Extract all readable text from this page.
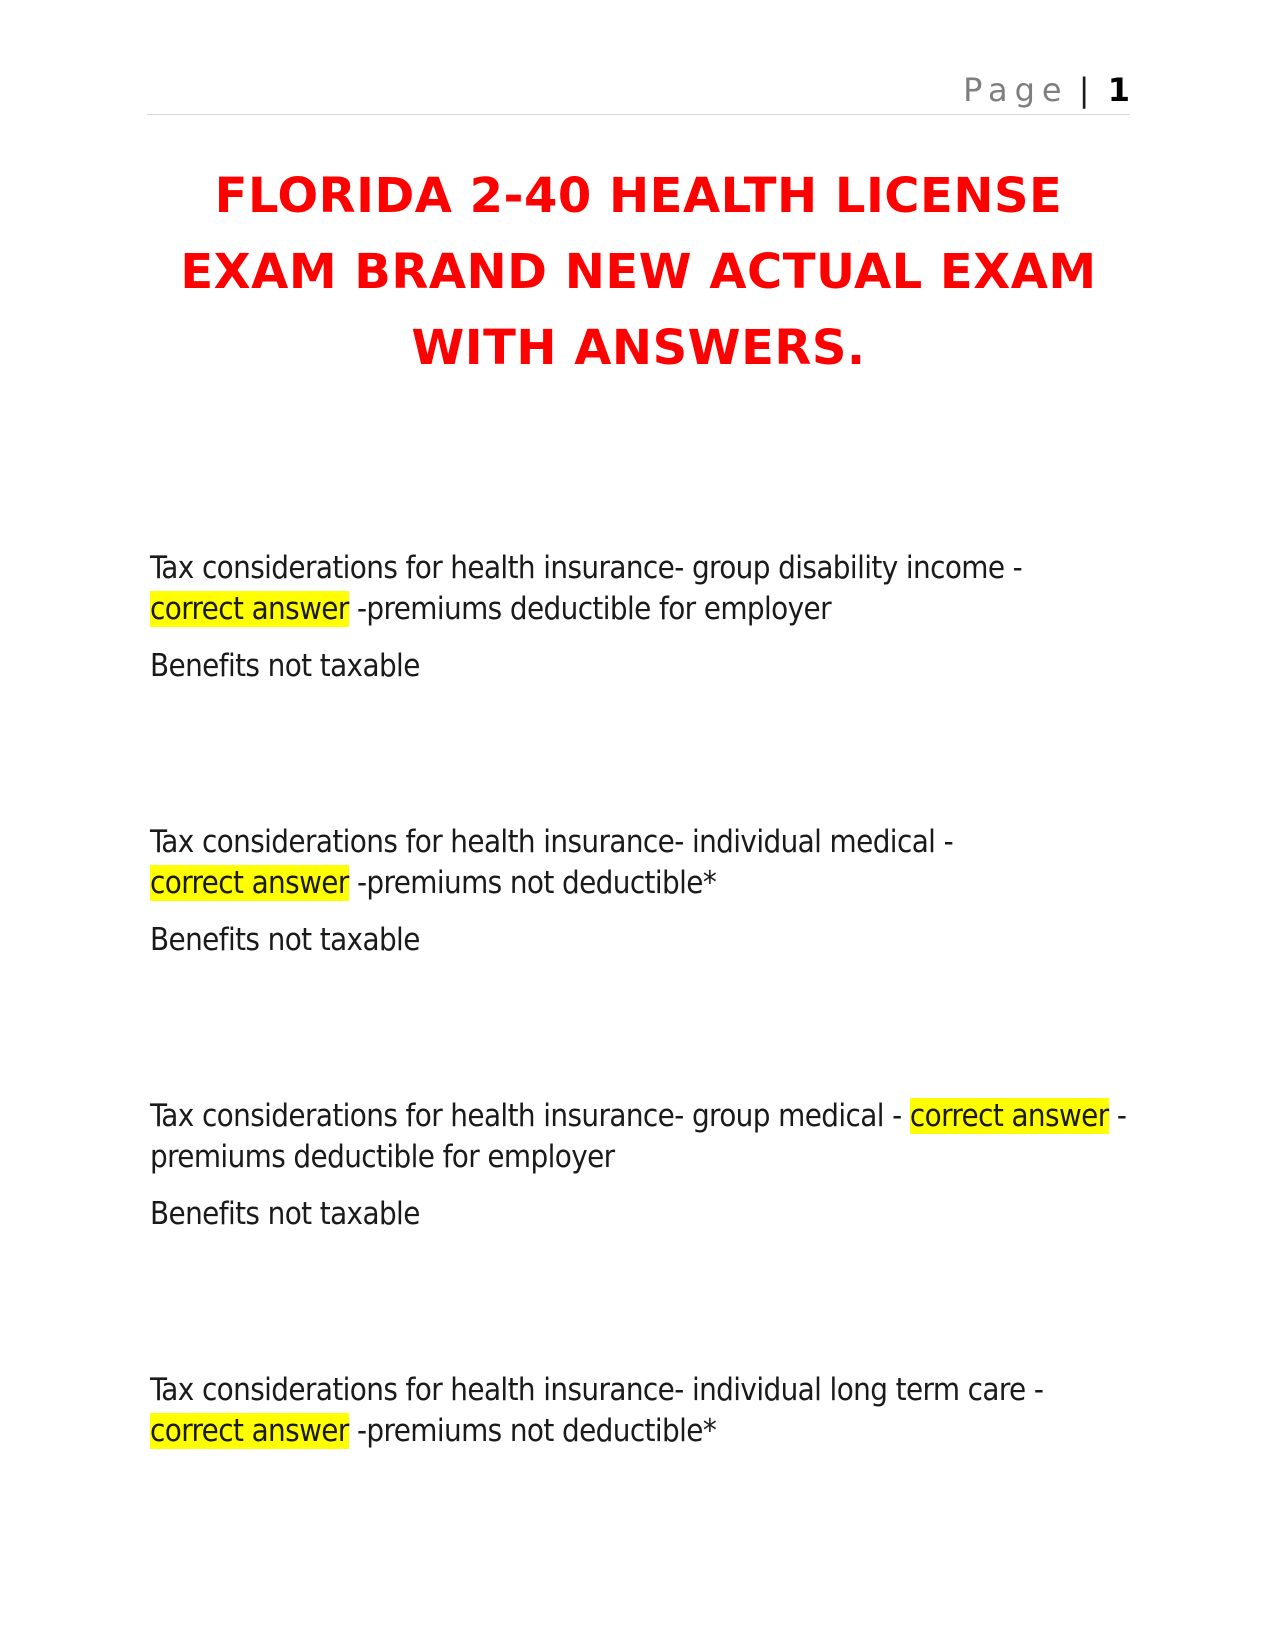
Page | 1
FLORIDA 2-40 HEALTH LICENSE EXAM BRAND NEW ACTUAL EXAM WITH ANSWERS.

Tax considerations for health insurance- group disability income -
correct answer -premiums deductible for employer

Benefits not taxable

Tax considerations for health insurance- individual medical -
correct answer -premiums not deductible*

Benefits not taxable

Tax considerations for health insurance- group medical - correct answer -premiums deductible for employer

Benefits not taxable

Tax considerations for health insurance- individual long term care - correct answer -premiums not deductible*
